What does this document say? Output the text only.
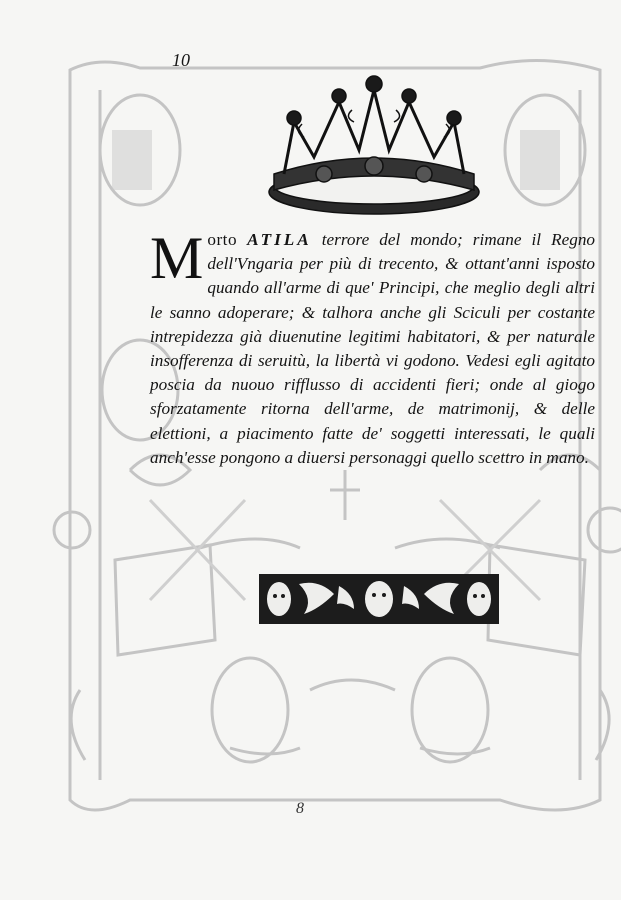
10
Morto ATILA terrore del mondo; rimane il Regno dell'Vngaria per più di trecento, & ottant'anni isposto quando all'arme di que' Principi, che meglio degli altri le sanno adoperare; & talhora anche gli Sciculi per costante intrepidezza già diuenutine legitimi habitatori, & per naturale insofferenza di seruitù, la libertà vi godono. Vedesi egli agitato poscia da nuouo rifflusso di accidenti fieri; onde al giogo sforzatamente ritorna dell'arme, de matrimonij, & delle elettioni, a piacimento fatte de' soggetti interessati, le quali anch'esse pongono a diuersi personaggi quello scettro in mano.
8
